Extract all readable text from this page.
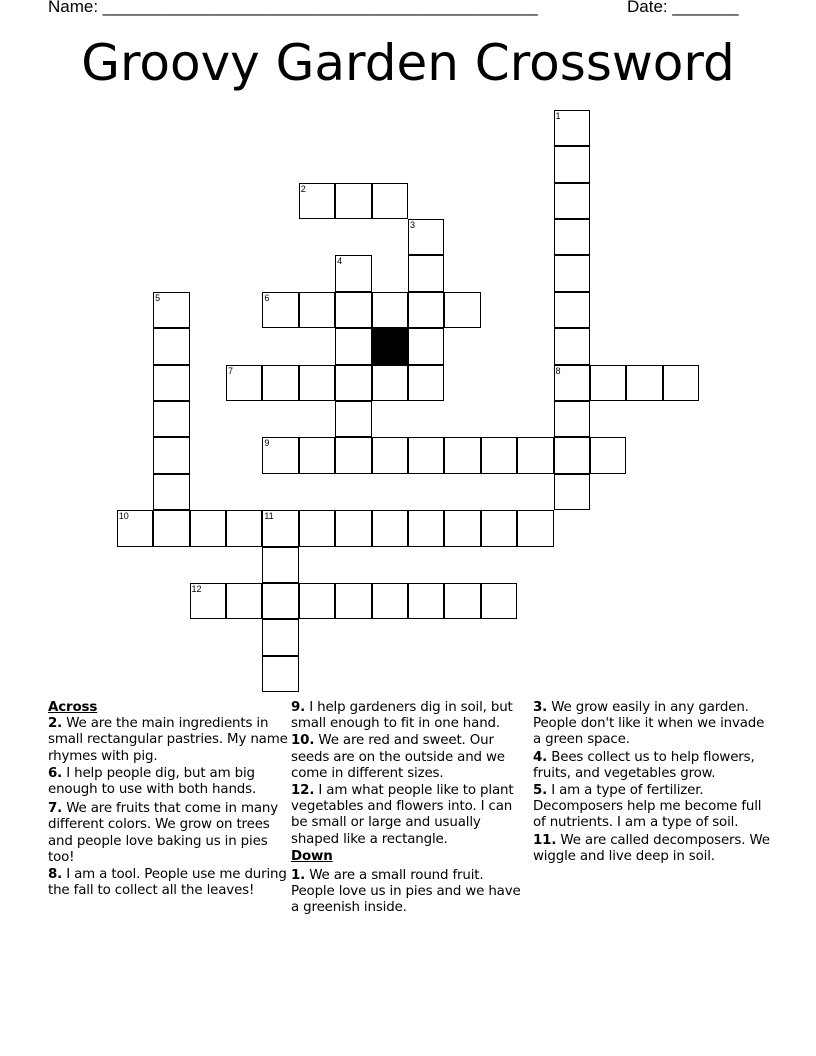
Name: ______________________________________________	Date: _______
Groovy Garden Crossword
1
8
2
3
4
5	6
7
9
10	11
12
Across
2. We are the main ingredients in small rectangular pastries. My name rhymes with pig.
6. I help people dig, but am big enough to use with both hands.
7. We are fruits that come in many different colors. We grow on trees and people love baking us in pies too!
8. I am a tool. People use me during the fall to collect all the leaves!
9. I help gardeners dig in soil, but small enough to fit in one hand.
10. We are red and sweet. Our seeds are on the outside and we come in different sizes.
12. I am what people like to plant vegetables and flowers into. I can be small or large and usually shaped like a rectangle.
Down
1. We are a small round fruit. People love us in pies and we have a greenish inside.
3. We grow easily in any garden. People don't like it when we invade a green space.
4. Bees collect us to help flowers, fruits, and vegetables grow.
5. I am a type of fertilizer. Decomposers help me become full of nutrients. I am a type of soil.
11. We are called decomposers. We wiggle and live deep in soil.
